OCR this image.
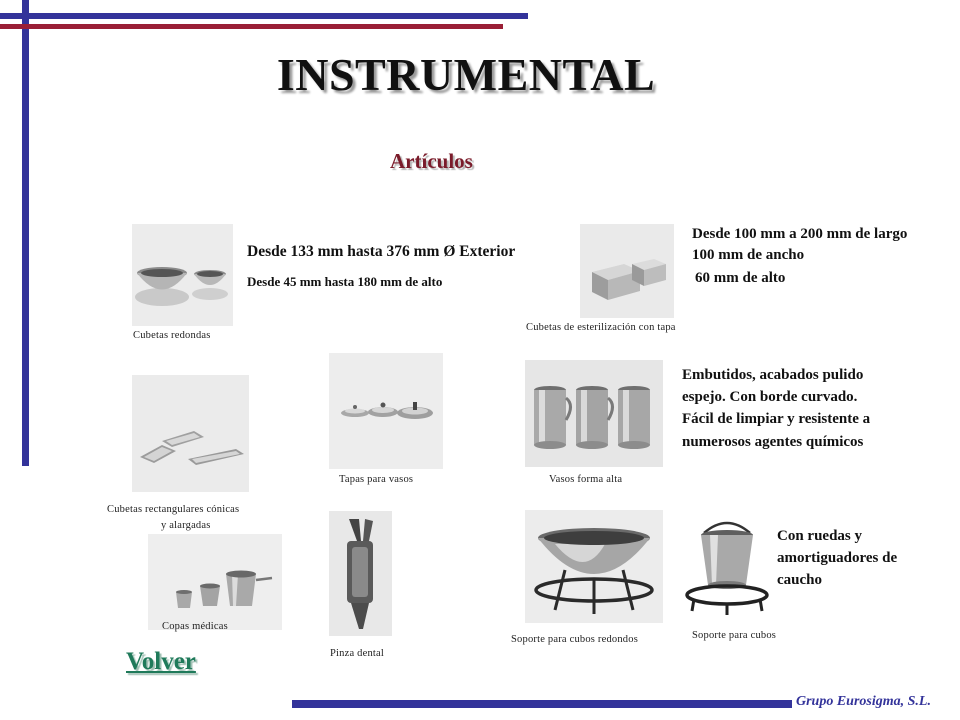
INSTRUMENTAL
Artículos
Cubetas redondas
Desde 133 mm hasta 376 mm Ø Exterior
Desde 45 mm hasta 180 mm de alto
Cubetas de esterilización con tapa
Desde 100 mm a 200 mm de largo
100 mm de ancho
60 mm de alto
Tapas para vasos	Vasos forma alta
Embutidos, acabados pulido
espejo. Con borde curvado.
Fácil de limpiar y resistente a
numerosos agentes químicos
Cubetas rectangulares cónicas
y alargadas
Copas médicas
Pinza dental
Soporte para cubos redondos	Soporte para cubos
Con ruedas y
amortiguadores de
caucho
Volver
Grupo Eurosigma, S.L.
